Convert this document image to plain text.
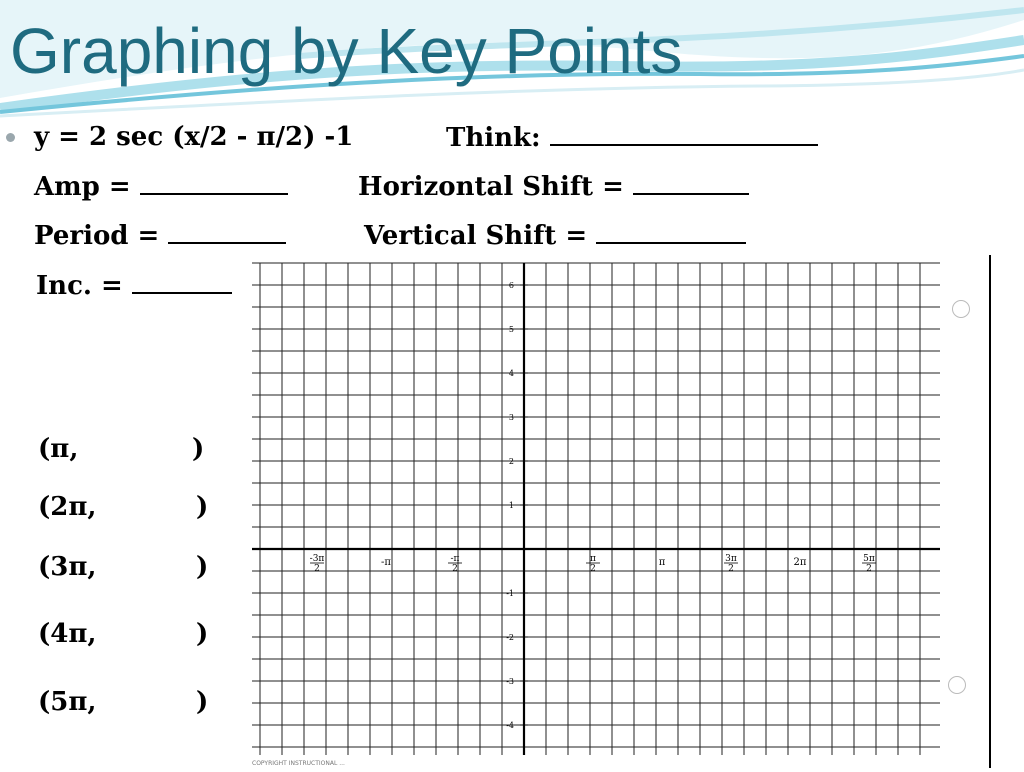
Graphing by Key Points
y = 2 sec (x/2 - π/2) -1	Think:
Amp =	Horizontal Shift =
Period =	Vertical Shift =
Inc. =
(π,	)
(2π,	)
(3π,	)
(4π,	)
(5π,	)
6
5
4
3
2
1
-1
-2
-3
-4
-3π
2
-π	-π
2
π
2
π	3π
2
2π	5π
2
COPYRIGHT INSTRUCTIONAL ...
